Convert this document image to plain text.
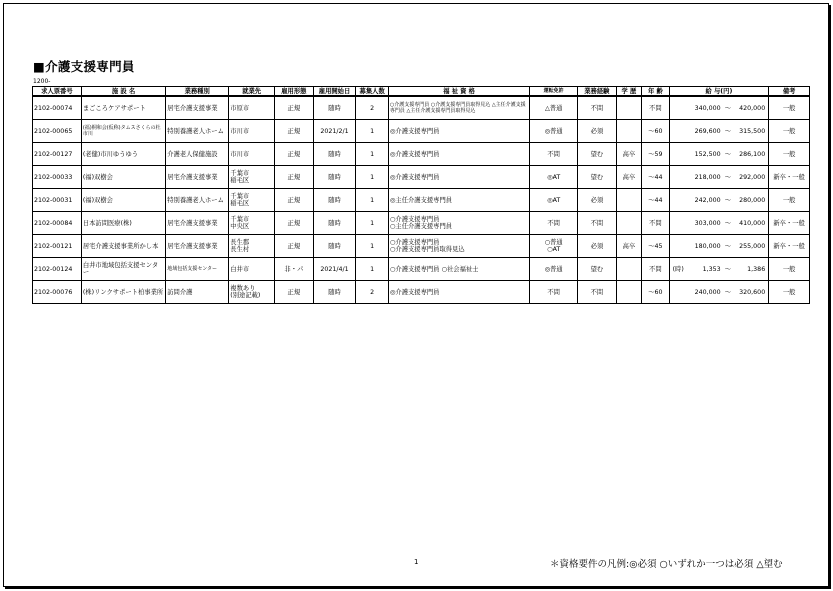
■介護支援専門員
1200-
求人票番号	施 設 名	業務種別	就業先	雇用形態	雇用開始日	募集人数	福 祉 資 格	運転免許	業務経験	学 歴	年 齢	給 与(円)	備考
2102-00074	まごころケアサポート	居宅介護支援事業	市原市	正規	随時	2	○介護支援専門員 ○介護支援専門員取得見込 △主任介護支援専門員 △主任介護支援専門員取得見込	△普通	不問		不問	340,000 ～ 420,000	一般
2102-00065	(福)桐和会(仮称)タムスさくらの杜 市川	特別養護老人ホーム	市川市	正規	2021/2/1	1	◎介護支援専門員	◎普通	必須		～60	269,600 ～ 315,500	一般
2102-00127	(老健)市川ゆうゆう	介護老人保健施設	市川市	正規	随時	1	◎介護支援専門員	不問	望む	高卒	～59	152,500 ～ 286,100	一般
2102-00033	(福)双樹会	居宅介護支援事業	千葉市
稲毛区	正規	随時	1	◎介護支援専門員	◎AT	望む	高卒	～44	218,000 ～ 292,000	新卒・一般
2102-00031	(福)双樹会	特別養護老人ホーム	千葉市
稲毛区	正規	随時	1	◎主任介護支援専門員	◎AT	必須		～44	242,000 ～ 280,000	一般
2102-00084	日本訪問医療(株)	居宅介護支援事業	千葉市
中央区	正規	随時	1	○介護支援専門員
○主任介護支援専門員	不問	不問		不問	303,000 ～ 410,000	新卒・一般
2102-00121	居宅介護支援事業所かし本	居宅介護支援事業	長生郡
長生村	正規	随時	1	○介護支援専門員
○介護支援専門員取得見込	○普通
○AT	必須	高卒	～45	180,000 ～ 255,000	新卒・一般
2102-00124	白井市地域包括支援センター	地域包括支援センター	白井市	非・パ	2021/4/1	1	○介護支援専門員 ○社会福祉士	◎普通	望む		不問	(時) 1,353 ～ 1,386	一般
2102-00076	(株)リンクサポート柏事業所	訪問介護	複数あり
(別途記載)	正規	随時	2	◎介護支援専門員	不問	不問		～60	240,000 ～ 320,600	一般
1	＊資格要件の凡例:◎必須 ○いずれか一つは必須 △望む
